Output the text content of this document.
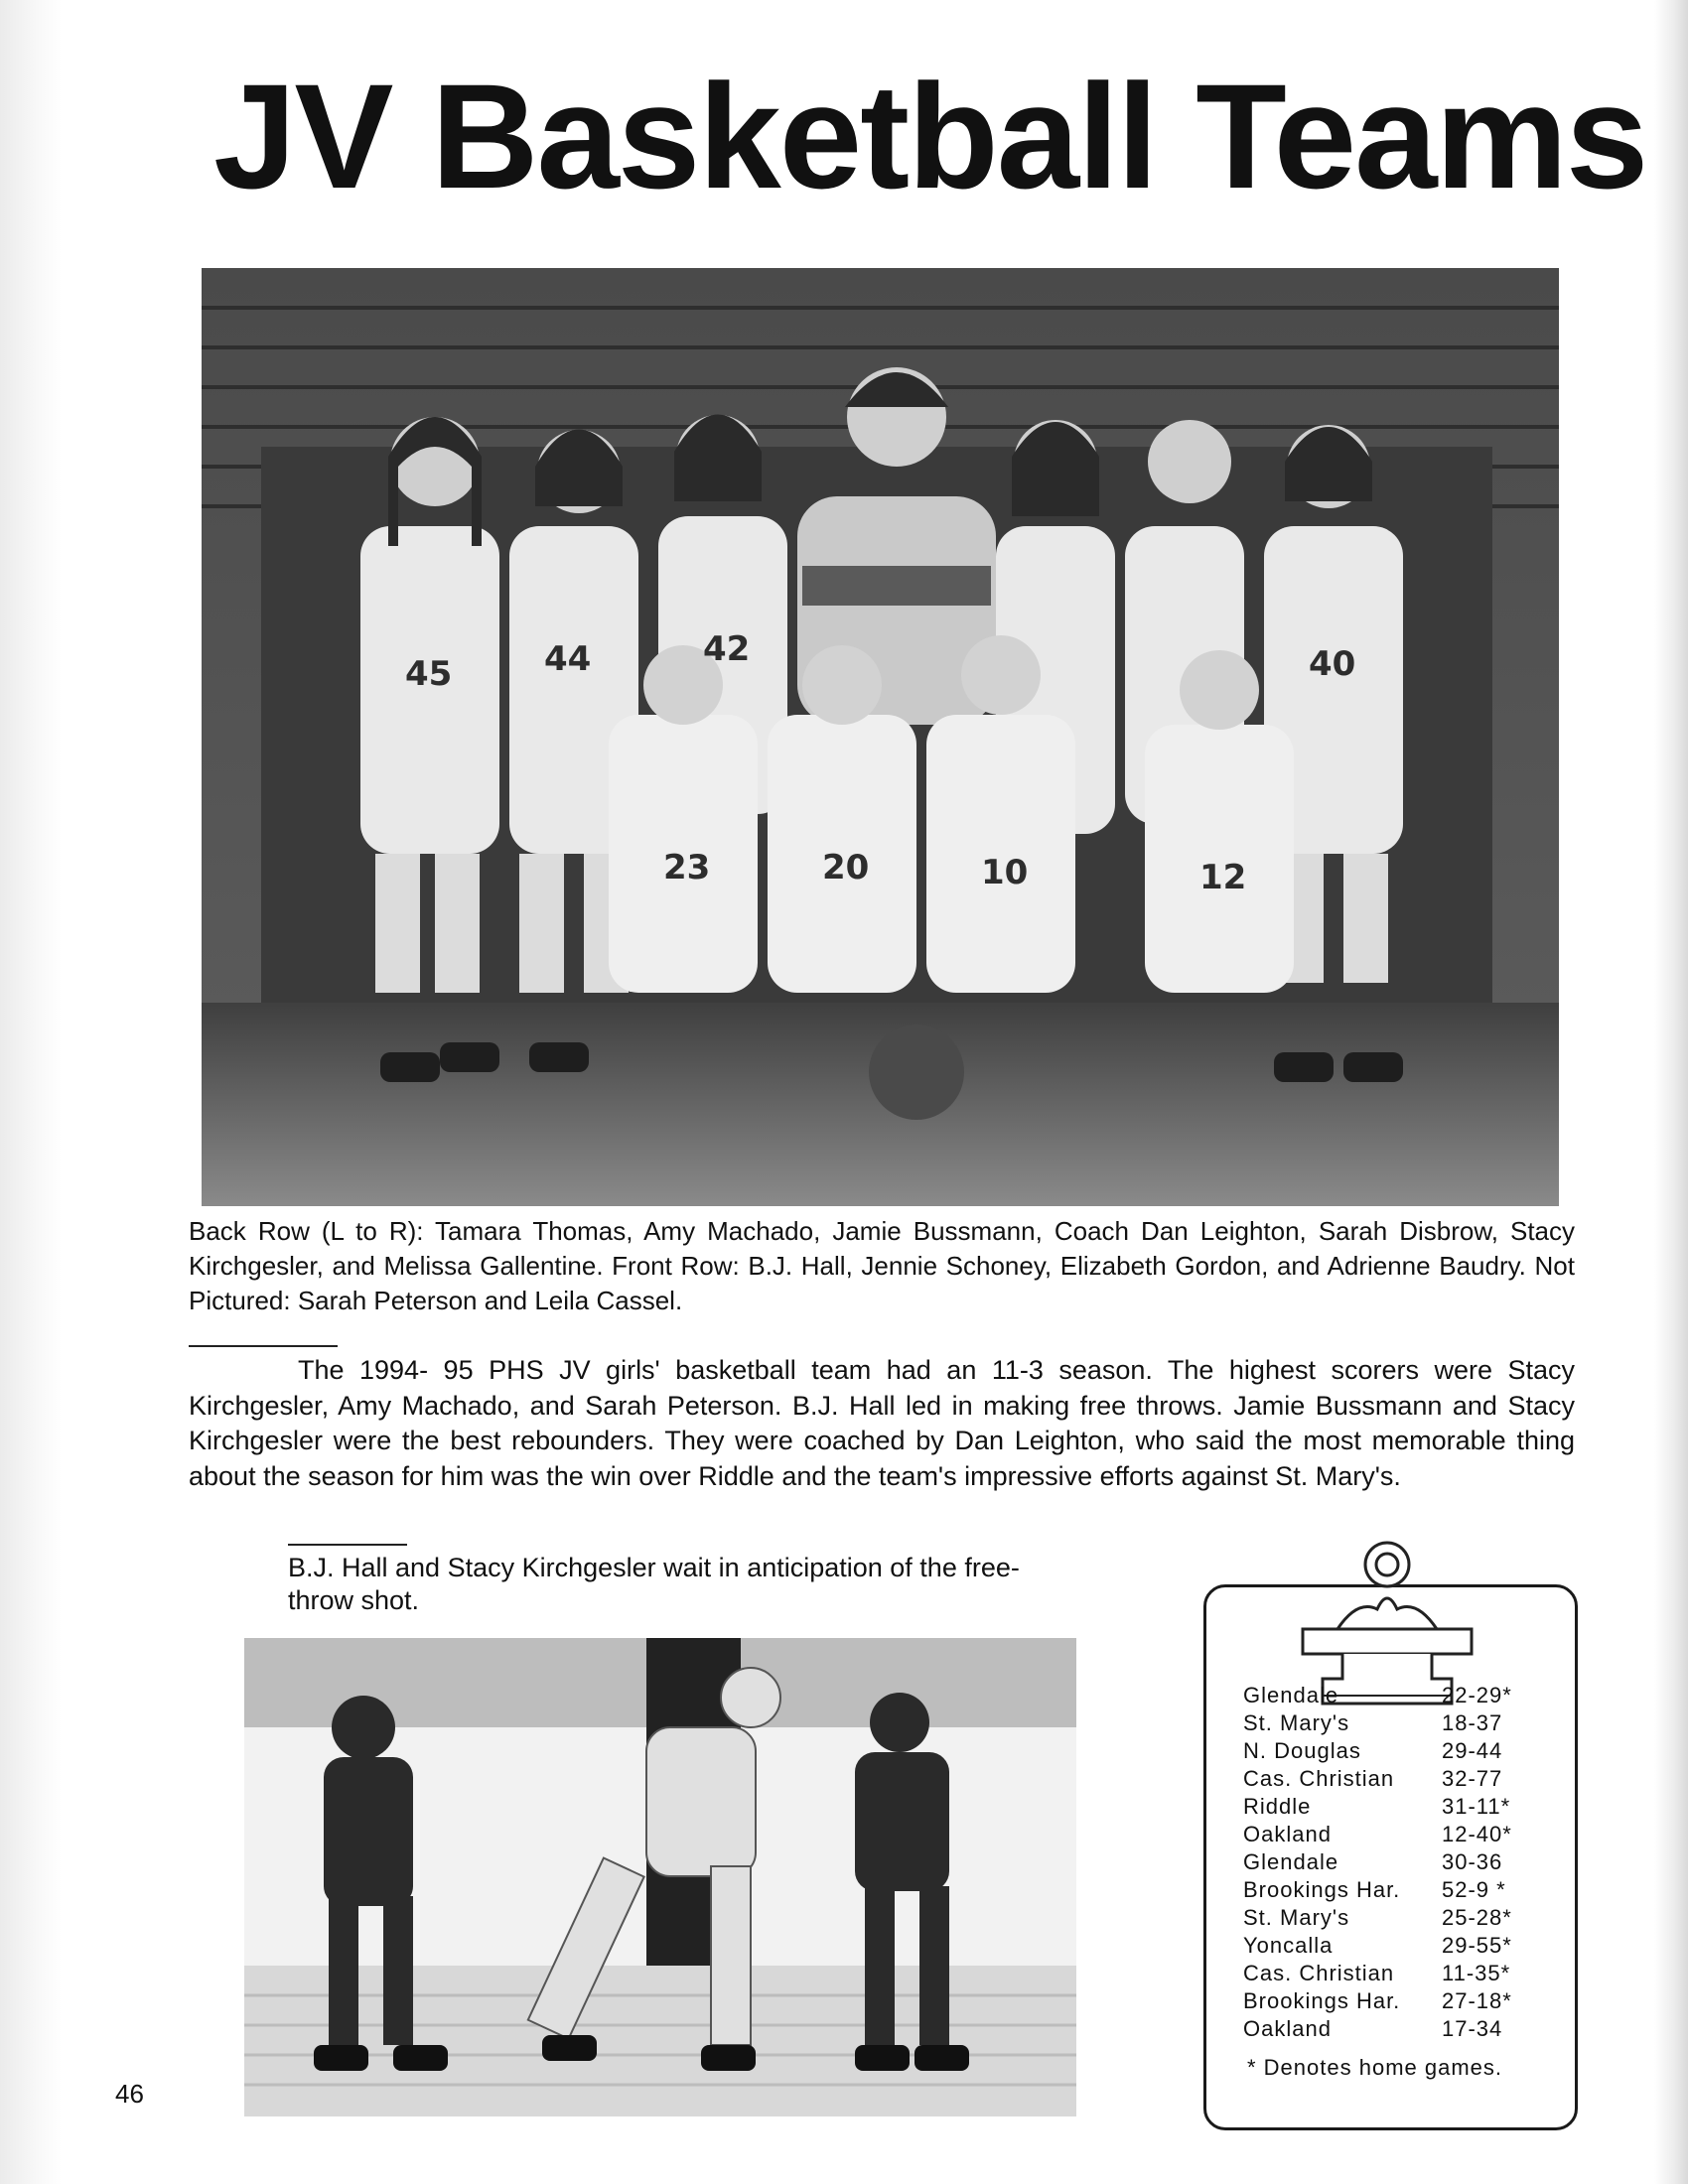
JV Basketball Teams
45	44	42	40
23	20	10	12

Back Row (L to R): Tamara Thomas, Amy Machado, Jamie Bussmann, Coach Dan Leighton, Sarah Disbrow, Stacy Kirchgesler, and Melissa Gallentine. Front Row: B.J. Hall, Jennie Schoney, Elizabeth Gordon, and Adrienne Baudry. Not Pictured: Sarah Peterson and Leila Cassel.

The 1994- 95 PHS JV girls' basketball team had an 11-3 season. The highest scorers were Stacy Kirchgesler, Amy Machado, and Sarah Peterson. B.J. Hall led in making free throws. Jamie Bussmann and Stacy Kirchgesler were the best rebounders. They were coached by Dan Leighton, who said the most memorable thing about the season for him was the win over Riddle and the team's impressive efforts against St. Mary's.

B.J. Hall and Stacy Kirchgesler wait in anticipation of the free-throw shot.

46
Glendale	22-29*
St. Mary's	18-37
N. Douglas	29-44
Cas. Christian 32-77
Riddle	31-11*
Oakland	12-40*
Glendale	30-36
Brookings Har. 52-9 *
St. Mary's	25-28*
Yoncalla	29-55*
Cas. Christian 11-35*
Brookings Har. 27-18*
Oakland	17-34
* Denotes home games.
